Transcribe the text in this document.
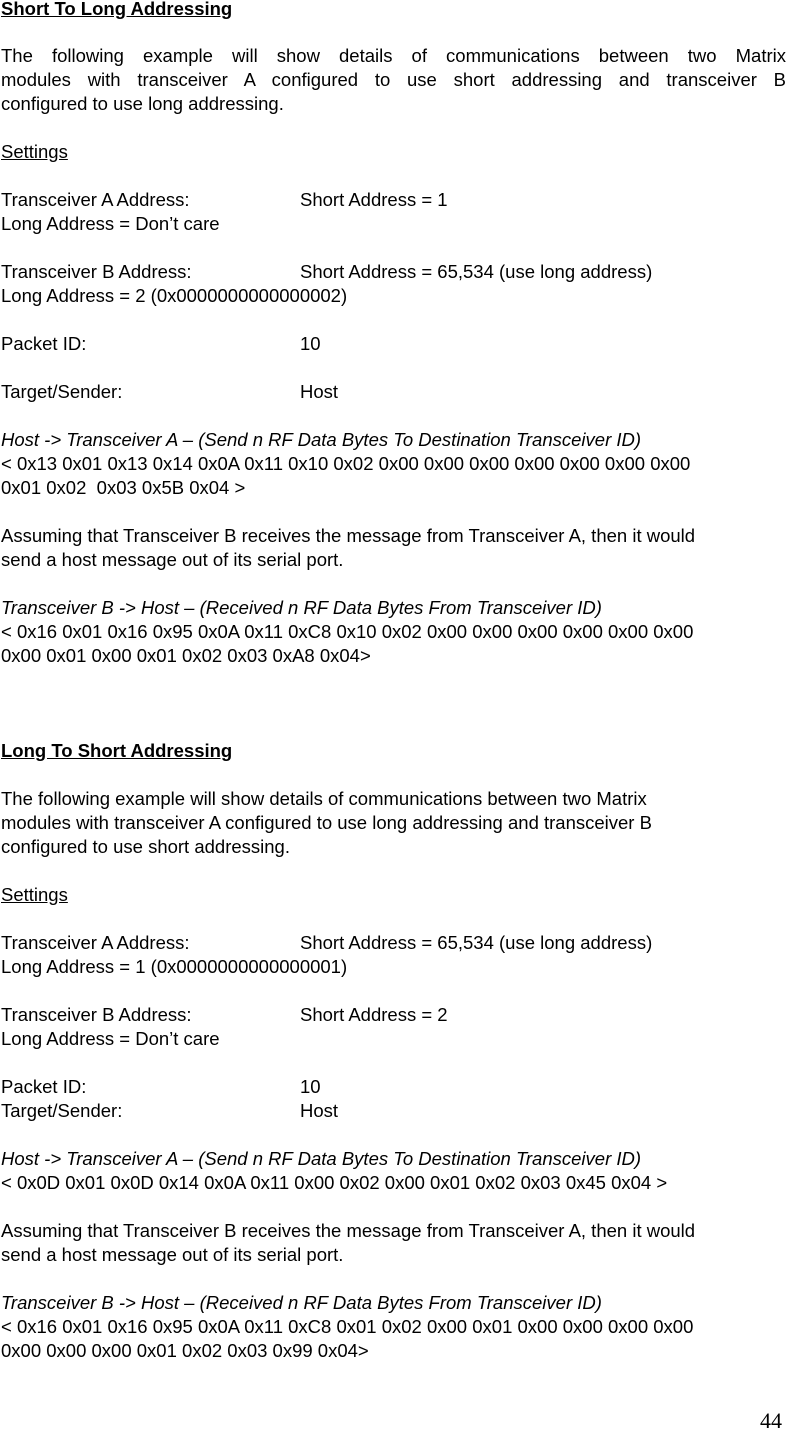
Short To Long Addressing
The following example will show details of communications between two Matrix
modules with transceiver A configured to use short addressing and transceiver B
configured to use long addressing.
Settings
Transceiver A Address:	Short Address = 1
Long Address = Don’t care
Transceiver B Address:	Short Address = 65,534 (use long address)
Long Address = 2 (0x0000000000000002)
Packet ID:	10
Target/Sender:	Host
Host -> Transceiver A – (Send n RF Data Bytes To Destination Transceiver ID)
< 0x13 0x01 0x13 0x14 0x0A 0x11 0x10 0x02 0x00 0x00 0x00 0x00 0x00 0x00 0x00
0x01 0x02  0x03 0x5B 0x04 >
Assuming that Transceiver B receives the message from Transceiver A, then it would
send a host message out of its serial port.
Transceiver B -> Host – (Received n RF Data Bytes From Transceiver ID)
< 0x16 0x01 0x16 0x95 0x0A 0x11 0xC8 0x10 0x02 0x00 0x00 0x00 0x00 0x00 0x00
0x00 0x01 0x00 0x01 0x02 0x03 0xA8 0x04>
Long To Short Addressing
The following example will show details of communications between two Matrix
modules with transceiver A configured to use long addressing and transceiver B
configured to use short addressing.
Settings
Transceiver A Address:	Short Address = 65,534 (use long address)
Long Address = 1 (0x0000000000000001)
Transceiver B Address:	Short Address = 2
Long Address = Don’t care
Packet ID:	10
Target/Sender:	Host
Host -> Transceiver A – (Send n RF Data Bytes To Destination Transceiver ID)
< 0x0D 0x01 0x0D 0x14 0x0A 0x11 0x00 0x02 0x00 0x01 0x02 0x03 0x45 0x04 >
Assuming that Transceiver B receives the message from Transceiver A, then it would
send a host message out of its serial port.
Transceiver B -> Host – (Received n RF Data Bytes From Transceiver ID)
< 0x16 0x01 0x16 0x95 0x0A 0x11 0xC8 0x01 0x02 0x00 0x01 0x00 0x00 0x00 0x00
0x00 0x00 0x00 0x01 0x02 0x03 0x99 0x04>
44
